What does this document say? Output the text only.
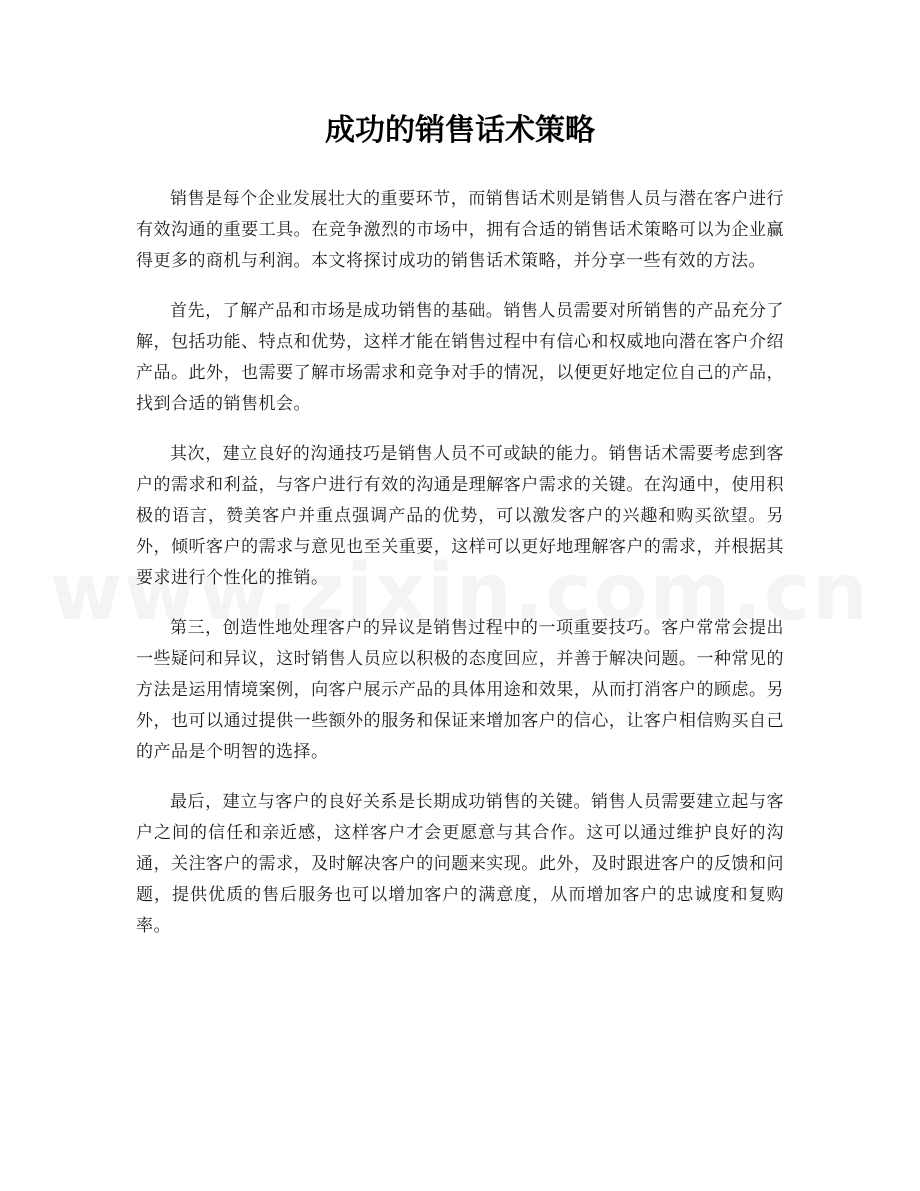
成功的销售话术策略

销售是每个企业发展壮大的重要环节，而销售话术则是销售人员与潜在客户进行有效沟通的重要工具。在竞争激烈的市场中，拥有合适的销售话术策略可以为企业赢得更多的商机与利润。本文将探讨成功的销售话术策略，并分享一些有效的方法。

首先，了解产品和市场是成功销售的基础。销售人员需要对所销售的产品充分了解，包括功能、特点和优势，这样才能在销售过程中有信心和权威地向潜在客户介绍产品。此外，也需要了解市场需求和竞争对手的情况，以便更好地定位自己的产品，找到合适的销售机会。

其次，建立良好的沟通技巧是销售人员不可或缺的能力。销售话术需要考虑到客户的需求和利益，与客户进行有效的沟通是理解客户需求的关键。在沟通中，使用积极的语言，赞美客户并重点强调产品的优势，可以激发客户的兴趣和购买欲望。另外，倾听客户的需求与意见也至关重要，这样可以更好地理解客户的需求，并根据其要求进行个性化的推销。

第三，创造性地处理客户的异议是销售过程中的一项重要技巧。客户常常会提出一些疑问和异议，这时销售人员应以积极的态度回应，并善于解决问题。一种常见的方法是运用情境案例，向客户展示产品的具体用途和效果，从而打消客户的顾虑。另外，也可以通过提供一些额外的服务和保证来增加客户的信心，让客户相信购买自己的产品是个明智的选择。

最后，建立与客户的良好关系是长期成功销售的关键。销售人员需要建立起与客户之间的信任和亲近感，这样客户才会更愿意与其合作。这可以通过维护良好的沟通，关注客户的需求，及时解决客户的问题来实现。此外，及时跟进客户的反馈和问题，提供优质的售后服务也可以增加客户的满意度，从而增加客户的忠诚度和复购率。
